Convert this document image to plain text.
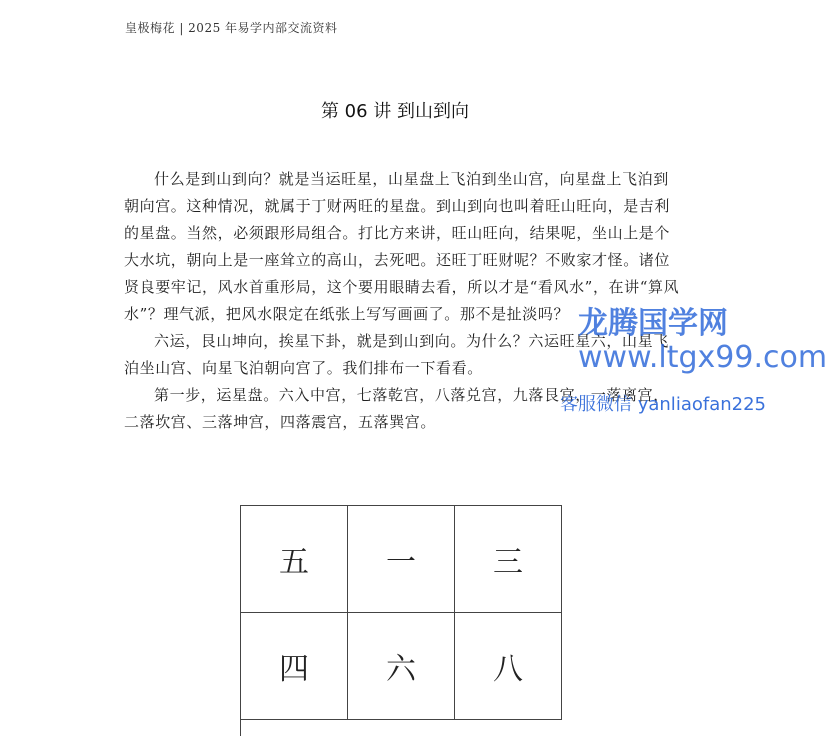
皇极梅花 | 2025 年易学内部交流资料
第 06 讲 到山到向

什么是到山到向？就是当运旺星，山星盘上飞泊到坐山宫，向星盘上飞泊到朝向宫。这种情况，就属于丁财两旺的星盘。到山到向也叫着旺山旺向，是吉利的星盘。当然，必须跟形局组合。打比方来讲，旺山旺向，结果呢，坐山上是个大水坑，朝向上是一座耸立的高山，去死吧。还旺丁旺财呢？不败家才怪。诸位贤良要牢记，风水首重形局，这个要用眼睛去看，所以才是“看风水”，在讲“算风水”？理气派，把风水限定在纸张上写写画画了。那不是扯淡吗？

六运，艮山坤向，挨星下卦，就是到山到向。为什么？六运旺星六，山星飞泊坐山宫、向星飞泊朝向宫了。我们排布一下看看。

第一步，运星盘。六入中宫，七落乾宫，八落兑宫，九落艮宫，一落离宫，二落坎宫、三落坤宫，四落震宫，五落巽宫。

五	一	三
四	六	八
龙腾国学网
www.ltgx99.com
客服微信 yanliaofan225
